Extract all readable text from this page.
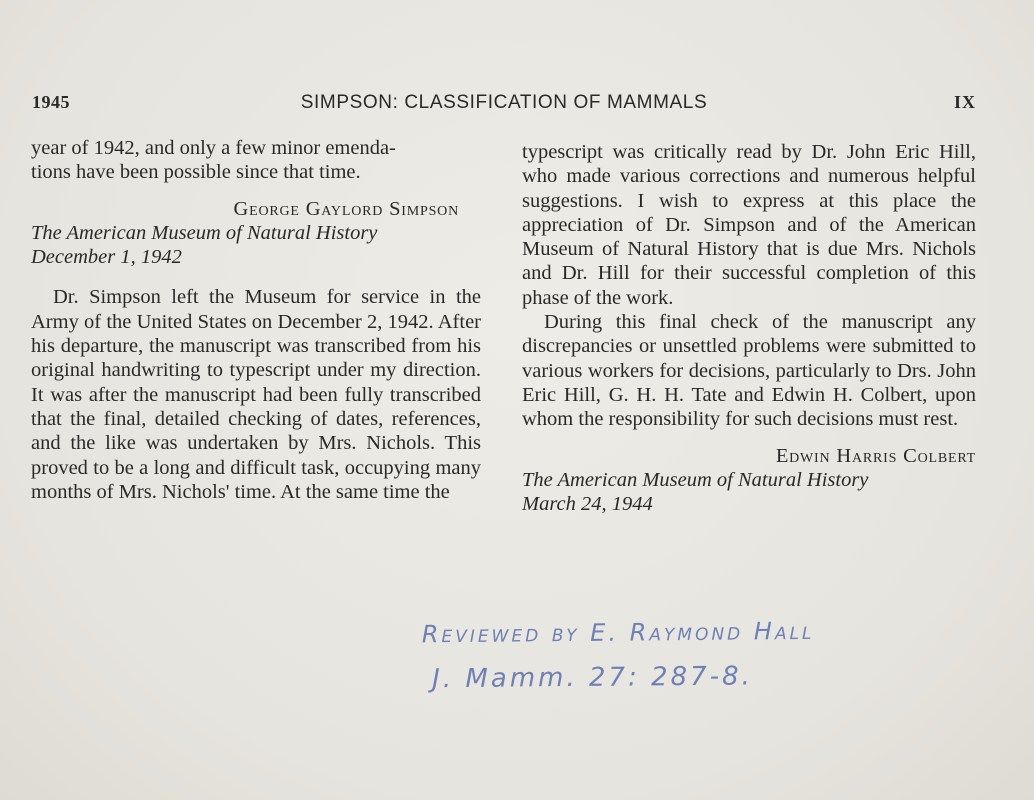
1945	SIMPSON: CLASSIFICATION OF MAMMALS	IX

year of 1942, and only a few minor emenda-

tions have been possible since that time.

George Gaylord Simpson
The American Museum of Natural History
December 1, 1942

Dr. Simpson left the Museum for service in the Army of the United States on December 2, 1942. After his departure, the manuscript was transcribed from his original handwriting to typescript under my direction. It was after the manuscript had been fully transcribed that the final, detailed checking of dates, references, and the like was undertaken by Mrs. Nichols. This proved to be a long and difficult task, occupying many months of Mrs. Nichols' time. At the same time the

typescript was critically read by Dr. John Eric Hill, who made various corrections and numerous helpful suggestions. I wish to express at this place the appreciation of Dr. Simpson and of the American Museum of Natural History that is due Mrs. Nichols and Dr. Hill for their successful completion of this phase of the work.

During this final check of the manuscript any discrepancies or unsettled problems were submitted to various workers for decisions, particularly to Drs. John Eric Hill, G. H. H. Tate and Edwin H. Colbert, upon whom the responsibility for such decisions must rest.

Edwin Harris Colbert
The American Museum of Natural History
March 24, 1944
Reviewed by E. Raymond Hall
J. Mamm. 27: 287-8.
